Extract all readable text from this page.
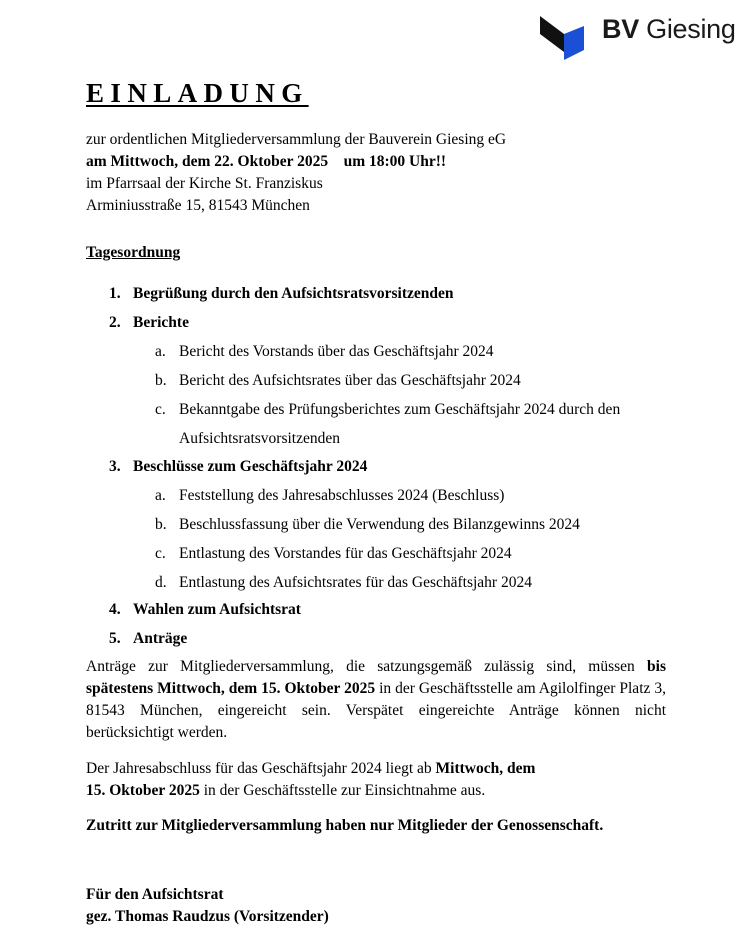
BV Giesing
EINLADUNG
zur ordentlichen Mitgliederversammlung der Bauverein Giesing eG
am Mittwoch, dem 22. Oktober 2025    um 18:00 Uhr!!
im Pfarrsaal der Kirche St. Franziskus
Arminiusstraße 15, 81543 München
Tagesordnung
1. Begrüßung durch den Aufsichtsratsvorsitzenden
2. Berichte
a. Bericht des Vorstands über das Geschäftsjahr 2024
b. Bericht des Aufsichtsrates über das Geschäftsjahr 2024
c. Bekanntgabe des Prüfungsberichtes zum Geschäftsjahr 2024 durch den
Aufsichtsratsvorsitzenden
3. Beschlüsse zum Geschäftsjahr 2024
a. Feststellung des Jahresabschlusses 2024 (Beschluss)
b. Beschlussfassung über die Verwendung des Bilanzgewinns 2024
c. Entlastung des Vorstandes für das Geschäftsjahr 2024
d. Entlastung des Aufsichtsrates für das Geschäftsjahr 2024
4. Wahlen zum Aufsichtsrat
5. Anträge
Anträge zur Mitgliederversammlung, die satzungsgemäß zulässig sind, müssen bis spätestens Mittwoch, dem 15. Oktober 2025 in der Geschäftsstelle am Agilolfinger Platz 3, 81543 München, eingereicht sein. Verspätet eingereichte Anträge können nicht berücksichtigt werden.
Der Jahresabschluss für das Geschäftsjahr 2024 liegt ab Mittwoch, dem
15. Oktober 2025 in der Geschäftsstelle zur Einsichtnahme aus.
Zutritt zur Mitgliederversammlung haben nur Mitglieder der Genossenschaft.
Für den Aufsichtsrat
gez. Thomas Raudzus (Vorsitzender)
